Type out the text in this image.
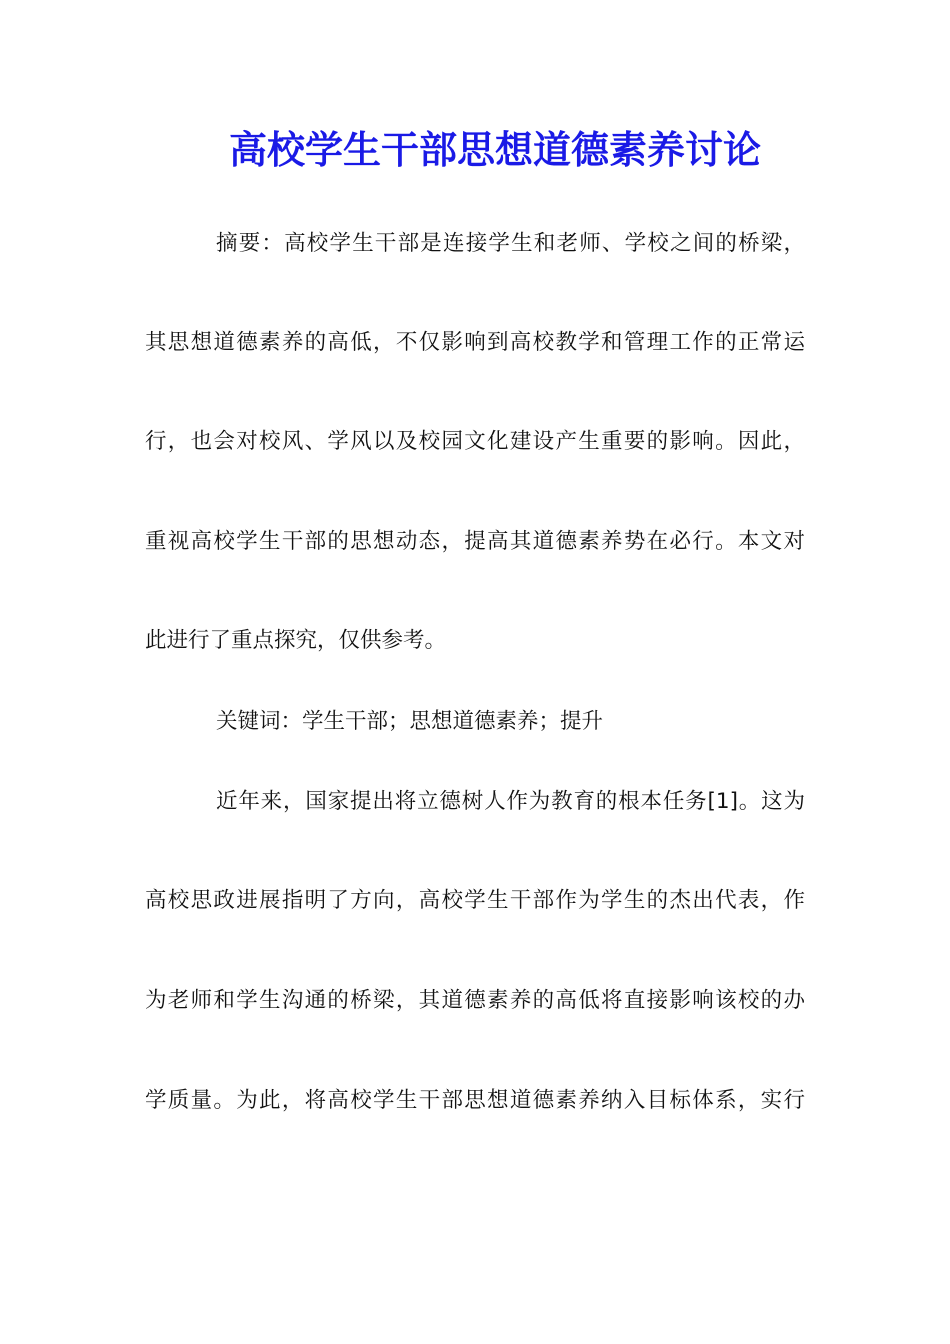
高校学生干部思想道德素养讨论

摘要：高校学生干部是连接学生和老师、学校之间的桥梁，

其思想道德素养的高低，不仅影响到高校教学和管理工作的正常运

行，也会对校风、学风以及校园文化建设产生重要的影响。因此，

重视高校学生干部的思想动态，提高其道德素养势在必行。本文对

此进行了重点探究，仅供参考。

关键词：学生干部；思想道德素养；提升

近年来，国家提出将立德树人作为教育的根本任务[1]。这为

高校思政进展指明了方向，高校学生干部作为学生的杰出代表，作

为老师和学生沟通的桥梁，其道德素养的高低将直接影响该校的办

学质量。为此，将高校学生干部思想道德素养纳入目标体系，实行
